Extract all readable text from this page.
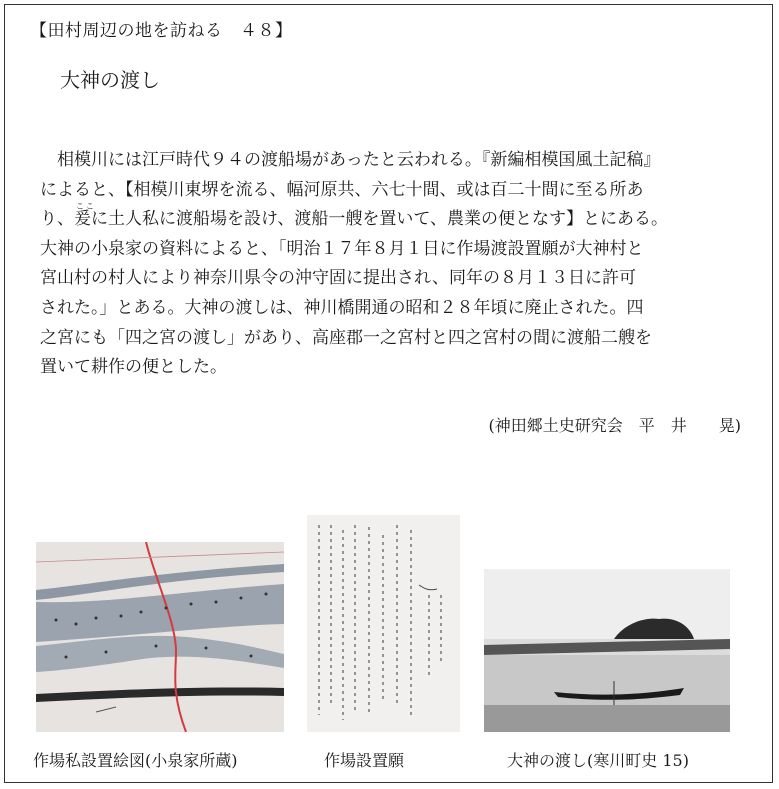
【田村周辺の地を訪ねる　４８】
大神の渡し
　相模川には江戸時代９４の渡船場があったと云われる。『新編相模国風土記稿』
によると、【相模川東堺を流る、幅河原共、六七十間、或は百二十間に至る所あ
り、
ここ
爰に土人私に渡船場を設け、渡船一艘を置いて、農業の便となす】とにある。
大神の小泉家の資料によると、「明治１７年８月１日に作場渡設置願が大神村と
宮山村の村人により神奈川県令の沖守固に提出され、同年の８月１３日に許可
された。」とある。大神の渡しは、神川橋開通の昭和２８年頃に廃止された。四
之宮にも「四之宮の渡し」があり、高座郡一之宮村と四之宮村の間に渡船二艘を
置いて耕作の便とした。
(神田郷土史研究会　平　井　　晃)
作場私設置絵図(小泉家所蔵)	作場設置願	大神の渡し(寒川町史 15)
